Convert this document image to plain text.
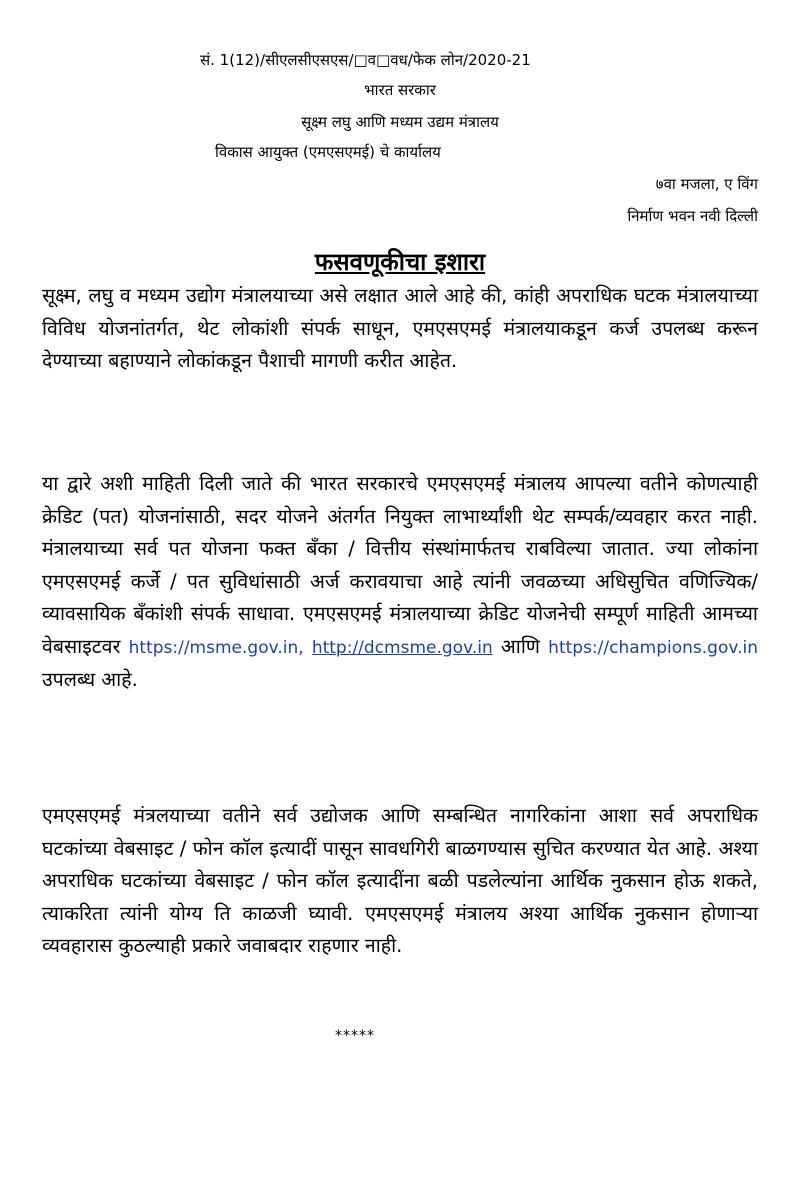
सं. 1(12)/सीएलसीएसएस/□व□वध/फेक लोन/2020-21
भारत सरकार
सूक्ष्म लघु आणि मध्यम उद्यम मंत्रालय
विकास आयुक्त (एमएसएमई) चे कार्यालय
७वा मजला, ए विंग
निर्माण भवन नवी दिल्ली
फसवणूकीचा इशारा

सूक्ष्म, लघु व मध्यम उद्योग मंत्रालयाच्या असे लक्षात आले आहे की, कांही अपराधिक घटक मंत्रालयाच्या विविध योजनांतर्गत, थेट लोकांशी संपर्क साधून, एमएसएमई मंत्रालयाकडून कर्ज उपलब्ध करून देण्याच्या बहाण्याने लोकांकडून पैशाची मागणी करीत आहेत.

या द्वारे अशी माहिती दिली जाते की भारत सरकारचे एमएसएमई मंत्रालय आपल्या वतीने कोणत्याही क्रेडिट (पत) योजनांसाठी, सदर योजने अंतर्गत नियुक्त लाभार्थ्यांशी थेट सम्पर्क/व्यवहार करत नाही. मंत्रालयाच्या सर्व पत योजना फक्त बँका / वित्तीय संस्थांमार्फतच राबविल्या जातात. ज्या लोकांना एमएसएमई कर्जे / पत सुविधांसाठी अर्ज करावयाचा आहे त्यांनी जवळच्या अधिसुचित वणिज्यिक/ व्यावसायिक बँकांशी संपर्क साधावा. एमएसएमई मंत्रालयाच्या क्रेडिट योजनेची सम्पूर्ण माहिती आमच्या वेबसाइटवर https://msme.gov.in, http://dcmsme.gov.in आणि https://champions.gov.in उपलब्ध आहे.

एमएसएमई मंत्रलयाच्या वतीने सर्व उद्योजक आणि सम्बन्धित नागरिकांना आशा सर्व अपराधिक घटकांच्या वेबसाइट / फोन कॉल इत्यादीं पासून सावधगिरी बाळगण्यास सुचित करण्यात येत आहे. अश्या अपराधिक घटकांच्या वेबसाइट / फोन कॉल इत्यादींना बळी पडलेल्यांना आर्थिक नुकसान होऊ शकते, त्याकरिता त्यांनी योग्य ति काळजी घ्यावी. एमएसएमई मंत्रालय अश्या आर्थिक नुकसान होणाऱ्या व्यवहारास कुठल्याही प्रकारे जवाबदार राहणार नाही.

*****
